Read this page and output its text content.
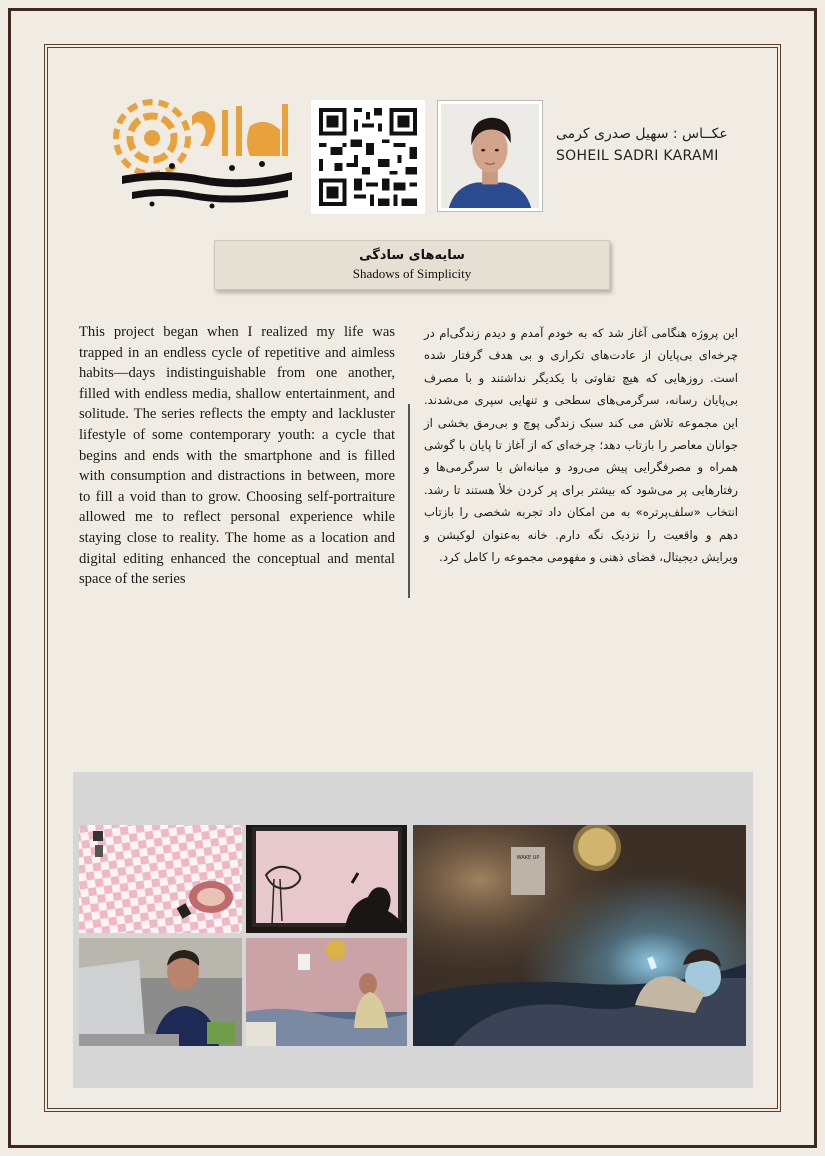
عکــاس : سهیل صدری کرمی
SOHEIL SADRI KARAMI
سایه‌های سادگی
Shadows of Simplicity
This project began when I realized my life was trapped in an endless cycle of repetitive and aimless habits—days indistinguishable from one another, filled with endless media, shallow entertainment, and solitude. The series reflects the empty and lackluster lifestyle of some contemporary youth: a cycle that begins and ends with the smartphone and is filled with consumption and distractions in between, more to fill a void than to grow. Choosing self-portraiture allowed me to reflect personal experience while staying close to reality. The home as a location and digital editing enhanced the conceptual and mental space of the series
این پروژه هنگامی آغاز شد که به خودم آمدم و دیدم زندگی‌ام در چرخه‌ای بی‌پایان از عادت‌های تکراری و بی هدف گرفتار شده است. روزهایی که هیچ تفاوتی با یکدیگر نداشتند و با مصرف بی‌پایان رسانه، سرگرمی‌های سطحی و تنهایی سپری می‌شدند. این مجموعه تلاش می کند سبک زندگی پوچ و بی‌رمق بخشی از جوانان معاصر را بازتاب دهد؛ چرخه‌ای که از آغاز تا پایان با گوشی همراه و مصرفگرایی پیش می‌رود و میانه‌اش با سرگرمی‌ها و رفتارهایی پر می‌شود که بیشتر برای پر کردن خلأ هستند تا رشد. انتخاب «سلف‌پرتره» به من امکان داد تجربه شخصی را بازتاب دهم و واقعیت را نزدیک نگه دارم. خانه به‌عنوان لوکیشن و ویرایش دیجیتال، فضای ذهنی و مفهومی مجموعه را کامل کرد.
WAKE UP
